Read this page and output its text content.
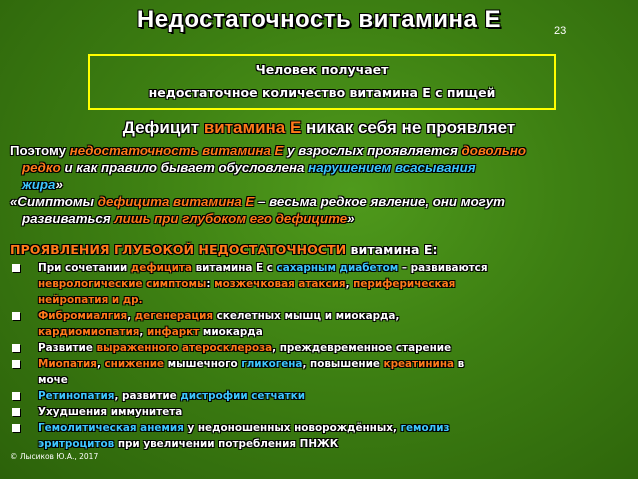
Недостаточность витамина Е	23
Человек получает
недостаточное количество витамина Е с пищей
Дефицит витамина Е никак себя не проявляет
Поэтому недостаточность витамина Е у взрослых проявляется довольно
редко и как правило бывает обусловлена нарушением всасывания
жира»
«Симптомы дефицита витамина Е – весьма редкое явление, они могут
развиваться лишь при глубоком его дефиците»
ПРОЯВЛЕНИЯ ГЛУБОКОЙ НЕДОСТАТОЧНОСТИ витамина Е:
При сочетании дефицита витамина Е с сахарным диабетом – развиваются
неврологические симптомы: мозжечковая атаксия, периферическая
нейропатия и др.
Фибромиалгия, дегенерация скелетных мышц и миокарда,
кардиомиопатия, инфаркт миокарда
Развитие выраженного атеросклероза, преждевременное старение
Миопатия, снижение мышечного гликогена, повышение креатинина в
моче
Ретинопатия, развитие дистрофии сетчатки
Ухудшения иммунитета
Гемолитическая анемия у недоношенных новорождённых, гемолиз
эритроцитов при увеличении потребления ПНЖК
© Лысиков Ю.А., 2017
